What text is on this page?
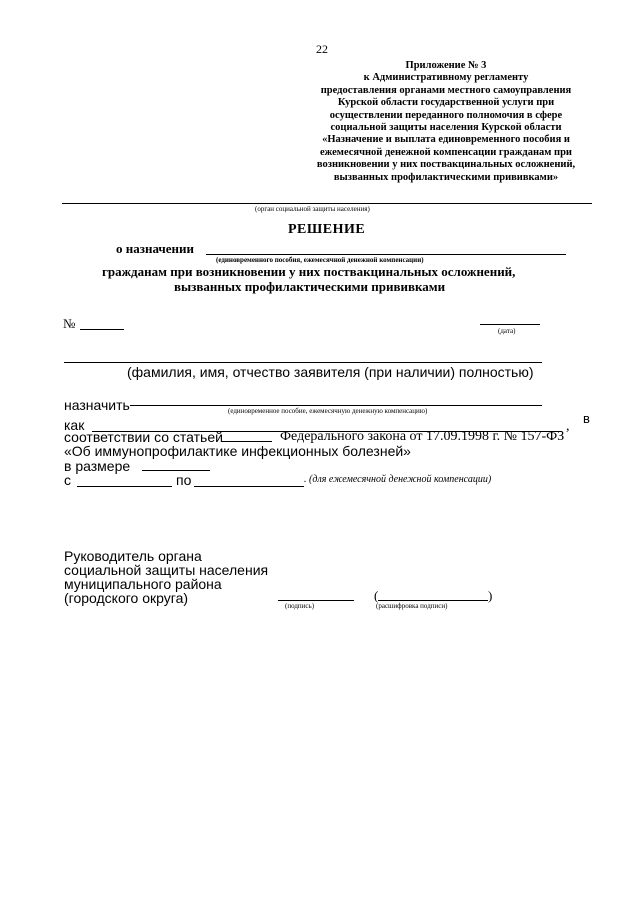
22
Приложение № 3
к Административному регламенту
предоставления органами местного самоуправления
Курской области государственной услуги при
осуществлении переданного полномочия в сфере
социальной защиты населения Курской области
«Назначение и выплата единовременного пособия и
ежемесячной денежной компенсации гражданам при
возникновении у них поствакцинальных осложнений,
вызванных профилактическими прививками»
(орган социальной защиты населения)
РЕШЕНИЕ
о назначении
(единовременного пособия, ежемесячной денежной компенсации)
гражданам при возникновении у них поствакцинальных осложнений,
вызванных профилактическими прививками
№	(дата)
(фамилия, имя, отчество заявителя (при наличии) полностью)
назначить	(единовременное пособие, ежемесячную денежную компенсацию)
как	,
в
соответствии со статьей	Федерального закона от 17.09.1998 г. № 157-ФЗ
«Об иммунопрофилактике инфекционных болезней»
в размере
с	по	. (для ежемесячной денежной компенсации)
Руководитель органа
социальной защиты населения
муниципального района
(городского округа)	(подпись)
(	)
(расшифровка подписи)
